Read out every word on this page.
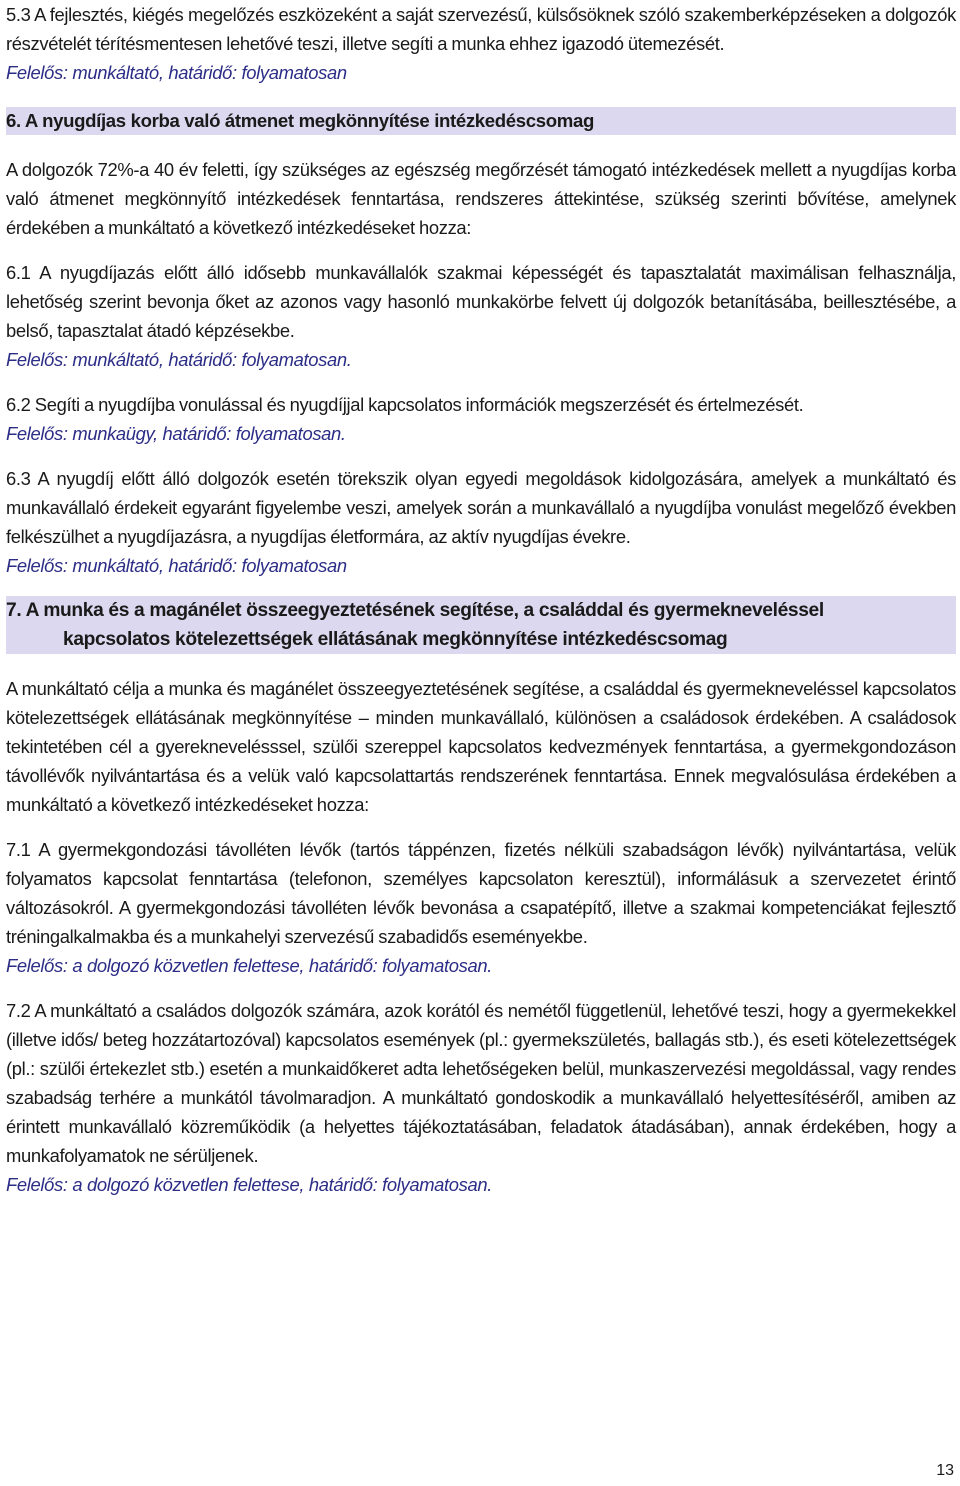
5.3 A fejlesztés, kiégés megelőzés eszközeként a saját szervezésű, külsősöknek szóló szakemberképzéseken a dolgozók részvételét térítésmentesen lehetővé teszi, illetve segíti a munka ehhez igazodó ütemezését.

Felelős: munkáltató, határidő: folyamatosan

6. A nyugdíjas korba való átmenet megkönnyítése intézkedéscsomag

A dolgozók 72%-a 40 év feletti, így szükséges az egészség megőrzését támogató intézkedések mellett a nyugdíjas korba való átmenet megkönnyítő intézkedések fenntartása, rendszeres áttekintése, szükség szerinti bővítése, amelynek érdekében a munkáltató a következő intézkedéseket hozza:

6.1 A nyugdíjazás előtt álló idősebb munkavállalók szakmai képességét és tapasztalatát maximálisan felhasználja, lehetőség szerint bevonja őket az azonos vagy hasonló munkakörbe felvett új dolgozók betanításába, beillesztésébe, a belső, tapasztalat átadó képzésekbe.

Felelős: munkáltató, határidő: folyamatosan.

6.2 Segíti a nyugdíjba vonulással és nyugdíjjal kapcsolatos információk megszerzését és értelmezését.

Felelős: munkaügy, határidő: folyamatosan.

6.3 A nyugdíj előtt álló dolgozók esetén törekszik olyan egyedi megoldások kidolgozására, amelyek a munkáltató és munkavállaló érdekeit egyaránt figyelembe veszi, amelyek során a munkavállaló a nyugdíjba vonulást megelőző években felkészülhet a nyugdíjazásra, a nyugdíjas életformára, az aktív nyugdíjas évekre.

Felelős: munkáltató, határidő: folyamatosan

7. A munka és a magánélet összeegyeztetésének segítése, a családdal és gyermekneveléssel
kapcsolatos kötelezettségek ellátásának megkönnyítése intézkedéscsomag

A munkáltató célja a munka és magánélet összeegyeztetésének segítése, a családdal és gyermekneveléssel kapcsolatos kötelezettségek ellátásának megkönnyítése – minden munkavállaló, különösen a családosok érdekében. A családosok tekintetében cél a gyereknevelésssel, szülői szereppel kapcsolatos kedvezmények fenntartása, a gyermekgondozáson távollévők nyilvántartása és a velük való kapcsolattartás rendszerének fenntartása. Ennek megvalósulása érdekében a munkáltató a következő intézkedéseket hozza:

7.1 A gyermekgondozási távolléten lévők (tartós táppénzen, fizetés nélküli szabadságon lévők) nyilvántartása, velük folyamatos kapcsolat fenntartása (telefonon, személyes kapcsolaton keresztül), informálásuk a szervezetet érintő változásokról. A gyermekgondozási távolléten lévők bevonása a csapatépítő, illetve a szakmai kompetenciákat fejlesztő tréningalkalmakba és a munkahelyi szervezésű szabadidős eseményekbe.

Felelős: a dolgozó közvetlen felettese, határidő: folyamatosan.

7.2 A munkáltató a családos dolgozók számára, azok korától és nemétől függetlenül, lehetővé teszi, hogy a gyermekekkel (illetve idős/ beteg hozzátartozóval) kapcsolatos események (pl.: gyermekszületés, ballagás stb.), és eseti kötelezettségek (pl.: szülői értekezlet stb.) esetén a munkaidőkeret adta lehetőségeken belül, munkaszervezési megoldással, vagy rendes szabadság terhére a munkától távolmaradjon. A munkáltató gondoskodik a munkavállaló helyettesítéséről, amiben az érintett munkavállaló közreműködik (a helyettes tájékoztatásában, feladatok átadásában), annak érdekében, hogy a munkafolyamatok ne sérüljenek.

Felelős: a dolgozó közvetlen felettese, határidő: folyamatosan.

13
